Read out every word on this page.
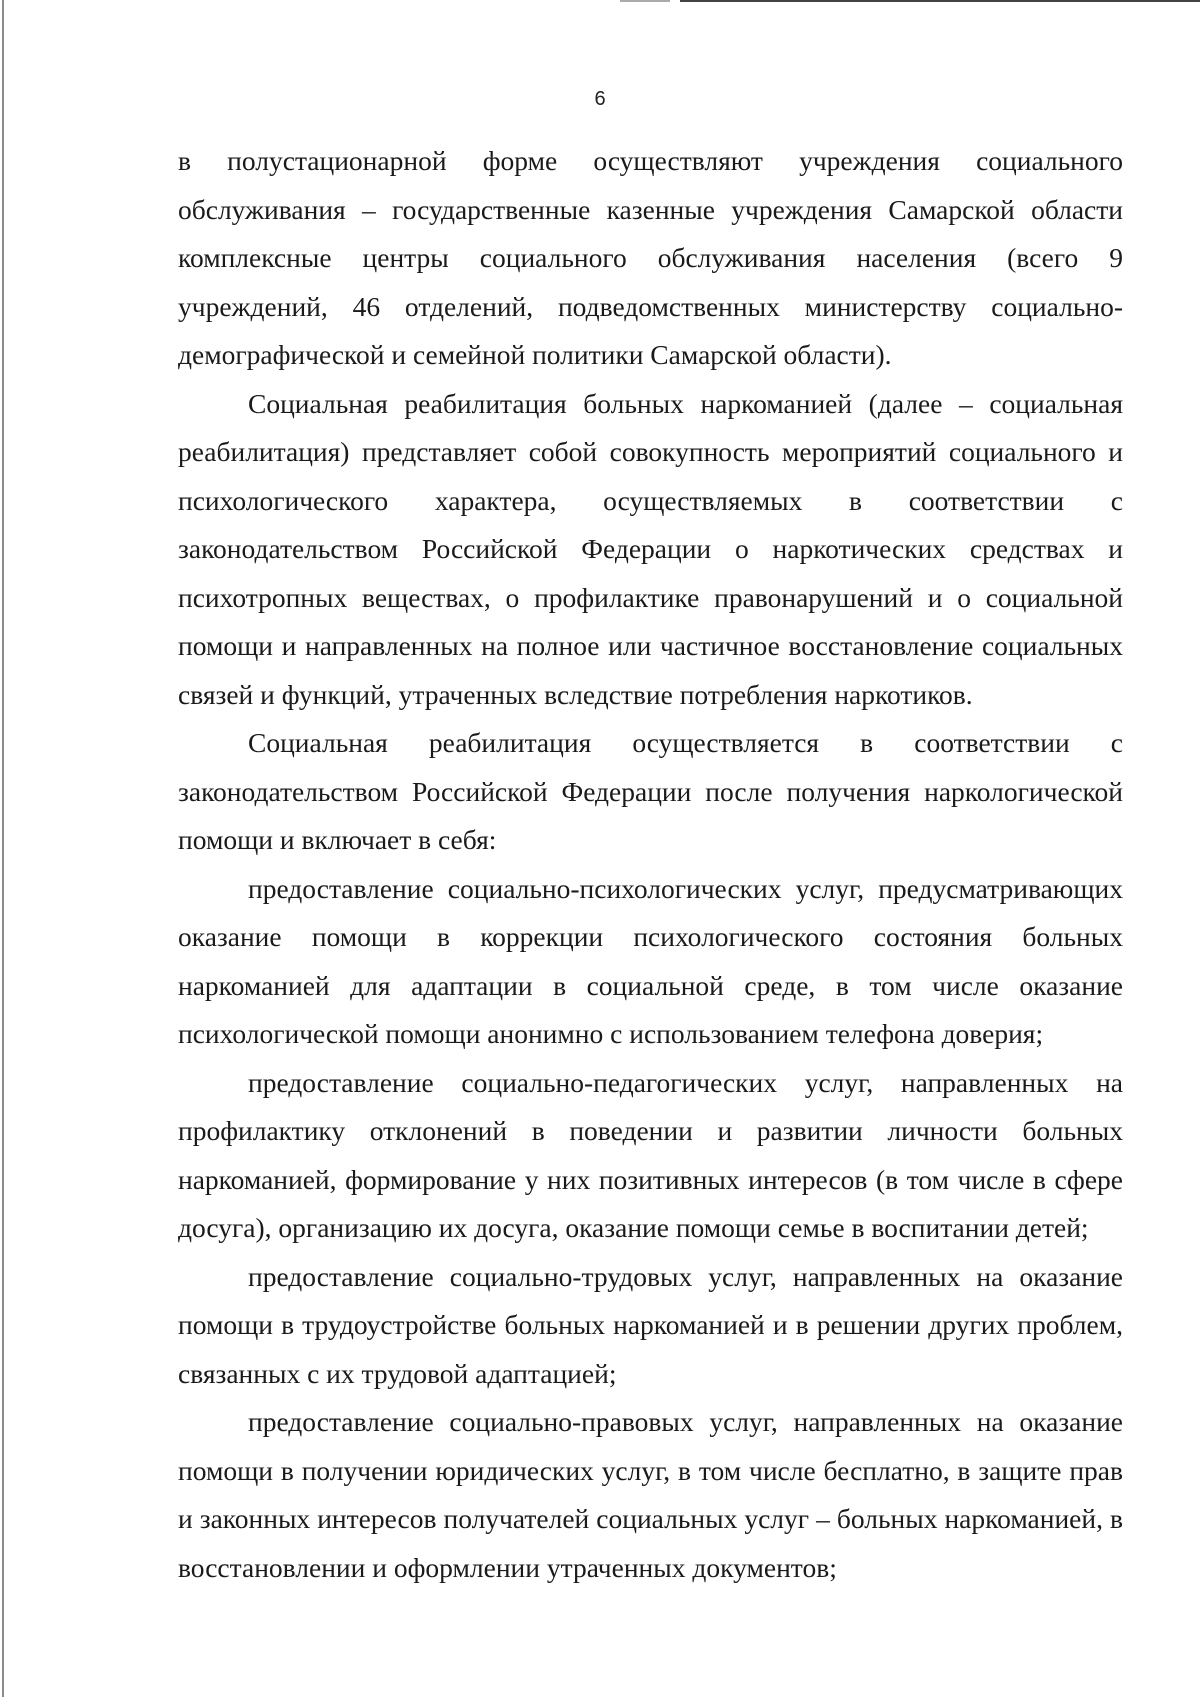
6

в полустационарной форме осуществляют учреждения социального обслуживания – государственные казенные учреждения Самарской области комплексные центры социального обслуживания населения (всего 9 учреждений, 46 отделений, подведомственных министерству социально-демографической и семейной политики Самарской области).

Социальная реабилитация больных наркоманией (далее – социальная реабилитация) представляет собой совокупность мероприятий социального и психологического характера, осуществляемых в соответствии с законодательством Российской Федерации о наркотических средствах и психотропных веществах, о профилактике правонарушений и о социальной помощи и направленных на полное или частичное восстановление социальных связей и функций, утраченных вследствие потребления наркотиков.

Социальная реабилитация осуществляется в соответствии с законодательством Российской Федерации после получения наркологической помощи и включает в себя:

предоставление социально-психологических услуг, предусматривающих оказание помощи в коррекции психологического состояния больных наркоманией для адаптации в социальной среде, в том числе оказание психологической помощи анонимно с использованием телефона доверия;

предоставление социально-педагогических услуг, направленных на профилактику отклонений в поведении и развитии личности больных наркоманией, формирование у них позитивных интересов (в том числе в сфере досуга), организацию их досуга, оказание помощи семье в воспитании детей;

предоставление социально-трудовых услуг, направленных на оказание помощи в трудоустройстве больных наркоманией и в решении других проблем, связанных с их трудовой адаптацией;

предоставление социально-правовых услуг, направленных на оказание помощи в получении юридических услуг, в том числе бесплатно, в защите прав и законных интересов получателей социальных услуг – больных наркоманией, в восстановлении и оформлении утраченных документов;
